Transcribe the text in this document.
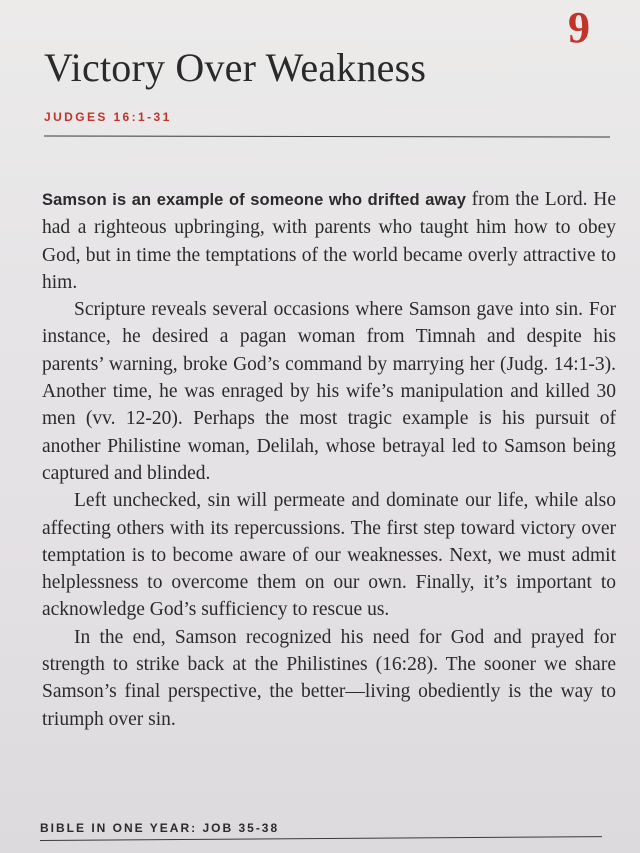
9
Victory Over Weakness
JUDGES 16:1-31

Samson is an example of someone who drifted away from the Lord. He had a righteous upbringing, with parents who taught him how to obey God, but in time the temptations of the world became overly attractive to him.

Scripture reveals several occasions where Samson gave into sin. For instance, he desired a pagan woman from Timnah and despite his parents’ warning, broke God’s command by marrying her (Judg. 14:1-3). Another time, he was enraged by his wife’s manipulation and killed 30 men (vv. 12-20). Perhaps the most tragic example is his pursuit of another Philistine woman, Delilah, whose betrayal led to Samson being captured and blinded.

Left unchecked, sin will permeate and dominate our life, while also affecting others with its repercussions. The first step toward victory over temptation is to become aware of our weaknesses. Next, we must admit helplessness to overcome them on our own. Finally, it’s important to acknowledge God’s sufficiency to rescue us.

In the end, Samson recognized his need for God and prayed for strength to strike back at the Philistines (16:28). The sooner we share Samson’s final perspective, the better—living obediently is the way to triumph over sin.

BIBLE IN ONE YEAR: JOB 35-38
